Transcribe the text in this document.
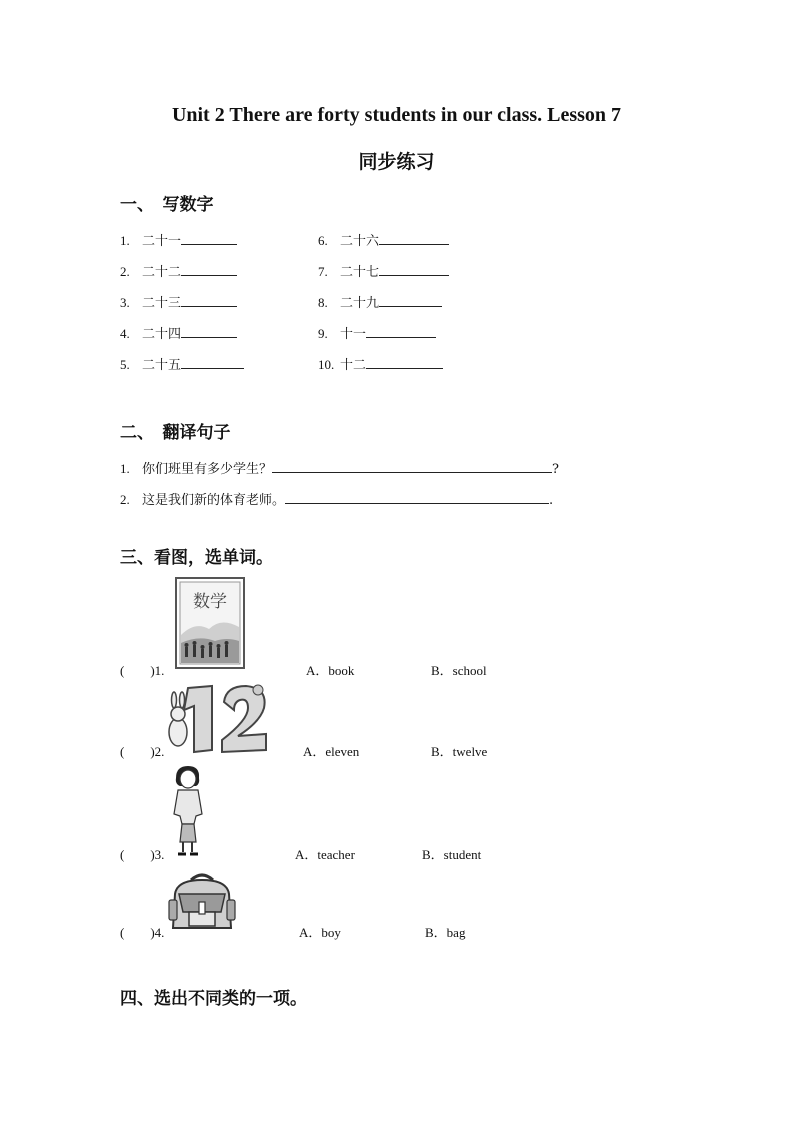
Unit 2 There are forty students in our class. Lesson 7
同步练习
一、　写数字
1. 二十一
2. 二十二
3. 二十三
4. 二十四
5. 二十五
6. 二十六
7. 二十七
8. 二十九
9. 十一
10. 十二
二、　翻译句子
1. 你们班里有多少学生？	?
2. 这是我们新的体育老师。	.
三、看图，选单词。
数学
(　　)1.	A．book	B．school
(　　)2.	A．eleven	B．twelve
(　　)3.	A．teacher	B．student
(　　)4.	A．boy	B．bag
四、选出不同类的一项。
